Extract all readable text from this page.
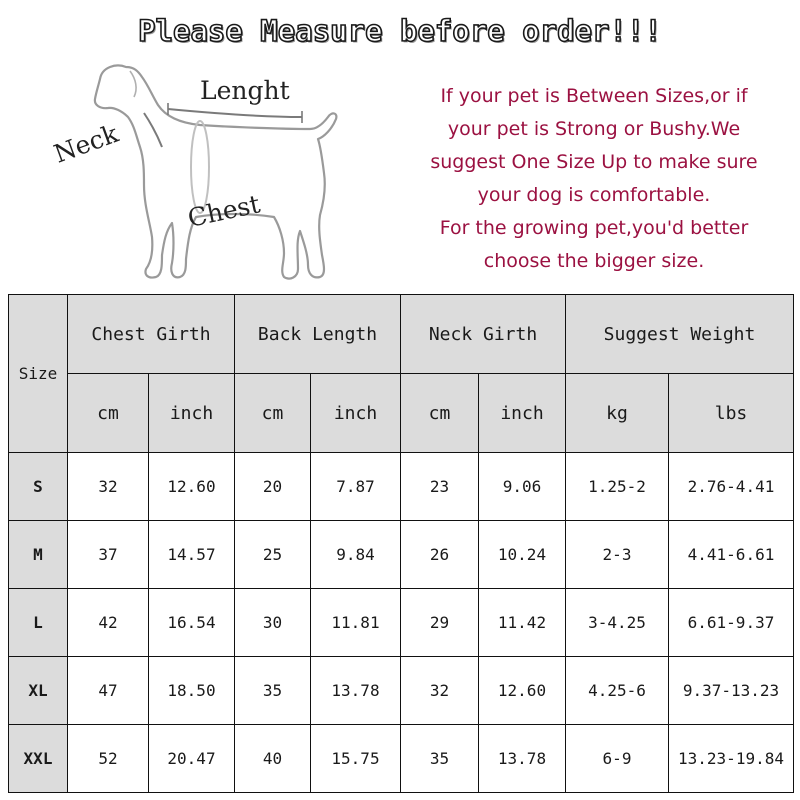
Please Measure before order!!!
Lenght
Neck
Chest
If your pet is Between Sizes,or if
your pet is Strong or Bushy.We
suggest One Size Up to make sure
your dog is comfortable.
For the growing pet,you'd better
choose the bigger size.
Size	Chest Girth		Back Length		Neck Girth		Suggest Weight	
	cm	inch	cm	inch	cm	inch	kg	lbs
S	32	12.60	20	7.87	23	9.06	1.25-2	2.76-4.41
M	37	14.57	25	9.84	26	10.24	2-3	4.41-6.61
L	42	16.54	30	11.81	29	11.42	3-4.25	6.61-9.37
XL	47	18.50	35	13.78	32	12.60	4.25-6	9.37-13.23
XXL	52	20.47	40	15.75	35	13.78	6-9	13.23-19.84
